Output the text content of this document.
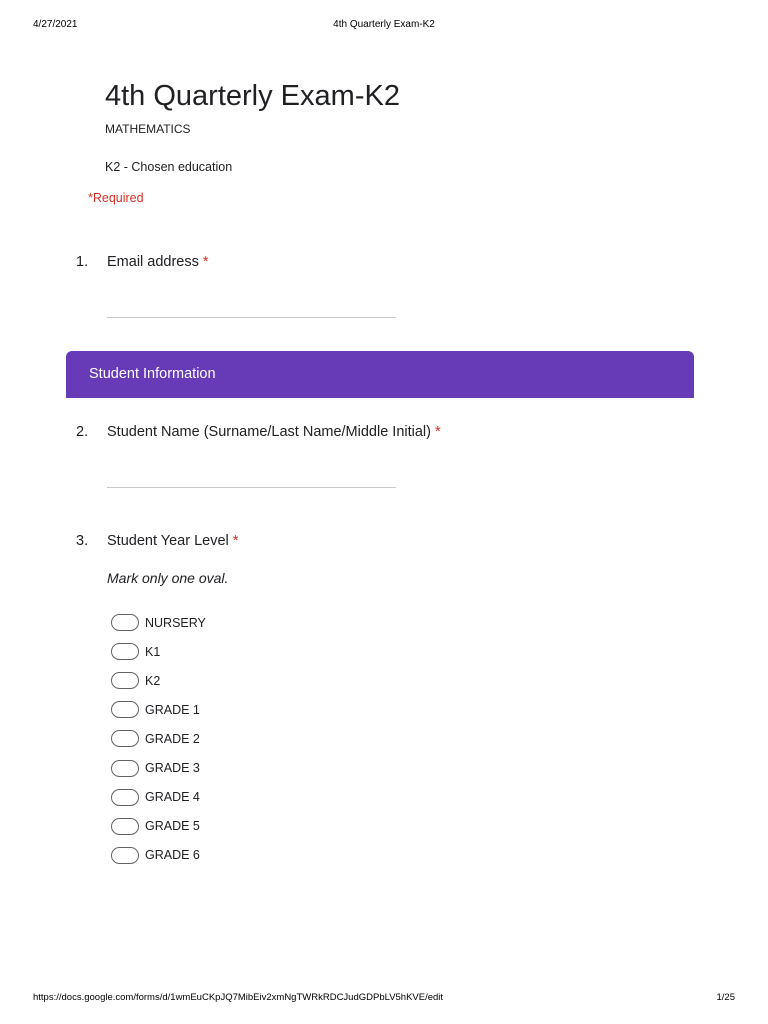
4/27/2021	4th Quarterly Exam-K2
4th Quarterly Exam-K2
MATHEMATICS
K2 - Chosen education
*Required
1. Email address *
Student Information
2. Student Name (Surname/Last Name/Middle Initial) *
3. Student Year Level *
Mark only one oval.
NURSERY
K1
K2
GRADE 1
GRADE 2
GRADE 3
GRADE 4
GRADE 5
GRADE 6
https://docs.google.com/forms/d/1wmEuCKpJQ7MibEiv2xmNgTWRkRDCJudGDPbLV5hKVE/edit	1/25
